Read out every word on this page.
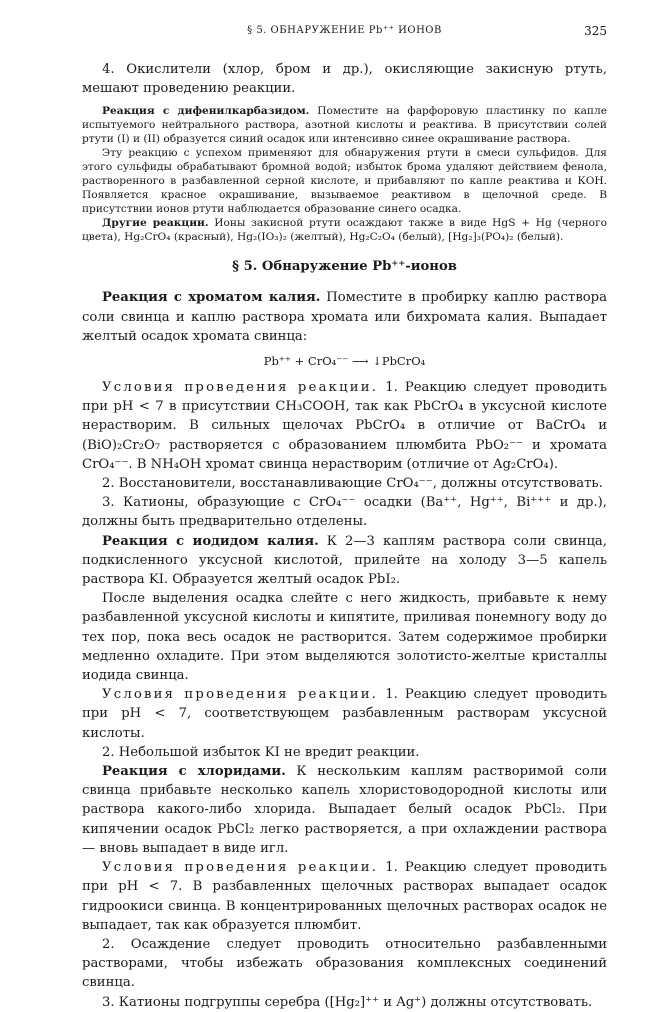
§ 5. ОБНАРУЖЕНИЕ Pb⁺⁺ ИОНОВ	325

4. Окислители (хлор, бром и др.), окисляющие закисную ртуть, мешают проведению реакции.

Реакция с дифенилкарбазидом. Поместите на фарфоровую пластинку по капле испытуемого нейтрального раствора, азотной кислоты и реактива. В присутствии солей ртути (I) и (II) образуется синий осадок или интенсивно синее окрашивание раствора.

Эту реакцию с успехом применяют для обнаружения ртути в смеси сульфидов. Для этого сульфиды обрабатывают бромной водой; избыток брома удаляют действием фенола, растворенного в разбавленной серной кислоте, и прибавляют по капле реактива и КОН. Появляется красное окрашивание, вызываемое реактивом в щелочной среде. В присутствии ионов ртути наблюдается образование синего осадка.

Другие реакции. Ионы закисной ртути осаждают также в виде HgS + Hg (черного цвета), Hg₂CrO₄ (красный), Hg₂(IO₃)₂ (желтый), Hg₂C₂O₄ (белый), [Hg₂]₃(PO₄)₂ (белый).

§ 5. Обнаружение Pb⁺⁺-ионов

Реакция с хроматом калия. Поместите в пробирку каплю раствора соли свинца и каплю раствора хромата или бихромата калия. Выпадает желтый осадок хромата свинца:

Pb⁺⁺ + CrO₄⁻⁻ ⟶ ↓PbCrO₄

Условия проведения реакции. 1. Реакцию следует проводить при pH < 7 в присутствии CH₃COOH, так как PbCrO₄ в уксусной кислоте нерастворим. В сильных щелочах PbCrO₄ в отличие от BaCrO₄ и (BiO)₂Cr₂O₇ растворяется с образованием плюмбита PbO₂⁻⁻ и хромата CrO₄⁻⁻. В NH₄OH хромат свинца нерастворим (отличие от Ag₂CrO₄).

2. Восстановители, восстанавливающие CrO₄⁻⁻, должны отсутствовать.

3. Катионы, образующие с CrO₄⁻⁻ осадки (Ba⁺⁺, Hg⁺⁺, Bi⁺⁺⁺ и др.), должны быть предварительно отделены.

Реакция с иодидом калия. К 2—3 каплям раствора соли свинца, подкисленного уксусной кислотой, прилейте на холоду 3—5 капель раствора KI. Образуется желтый осадок PbI₂.

После выделения осадка слейте с него жидкость, прибавьте к нему разбавленной уксусной кислоты и кипятите, приливая понемногу воду до тех пор, пока весь осадок не растворится. Затем содержимое пробирки медленно охладите. При этом выделяются золотисто-желтые кристаллы иодида свинца.

Условия проведения реакции. 1. Реакцию следует проводить при pH < 7, соответствующем разбавленным растворам уксусной кислоты.

2. Небольшой избыток KI не вредит реакции.

Реакция с хлоридами. К нескольким каплям растворимой соли свинца прибавьте несколько капель хлористоводородной кислоты или раствора какого-либо хлорида. Выпадает белый осадок PbCl₂. При кипячении осадок PbCl₂ легко растворяется, а при охлаждении раствора — вновь выпадает в виде игл.

Условия проведения реакции. 1. Реакцию следует проводить при pH < 7. В разбавленных щелочных растворах выпадает осадок гидроокиси свинца. В концентрированных щелочных растворах осадок не выпадает, так как образуется плюмбит.

2. Осаждение следует проводить относительно разбавленными растворами, чтобы избежать образования комплексных соединений свинца.

3. Катионы подгруппы серебра ([Hg₂]⁺⁺ и Ag⁺) должны отсутствовать.
